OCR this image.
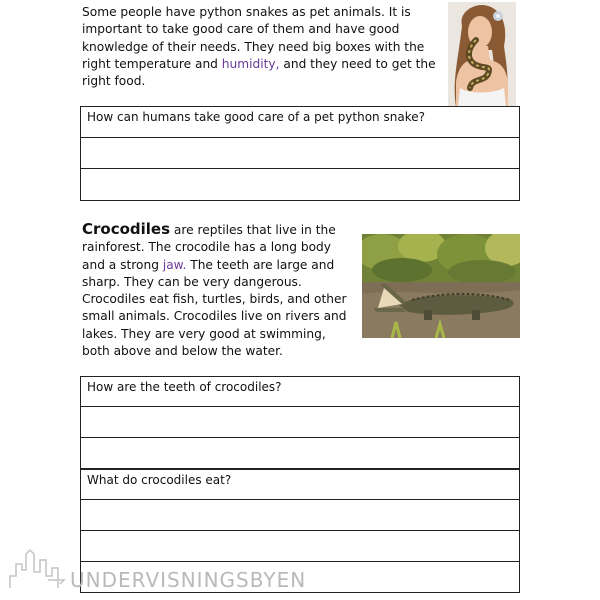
Some people have python snakes as pet animals. It is important to take good care of them and have good knowledge of their needs. They need big boxes with the right temperature and humidity, and they need to get the right food.

How can humans take good care of a pet python snake?

Crocodiles are reptiles that live in the rainforest. The crocodile has a long body and a strong jaw. The teeth are large and sharp. They can be very dangerous. Crocodiles eat fish, turtles, birds, and other small animals. Crocodiles live on rivers and lakes. They are very good at swimming, both above and below the water.

How are the teeth of crocodiles?
What do crocodiles eat?
UNDERVISNINGSBYEN
